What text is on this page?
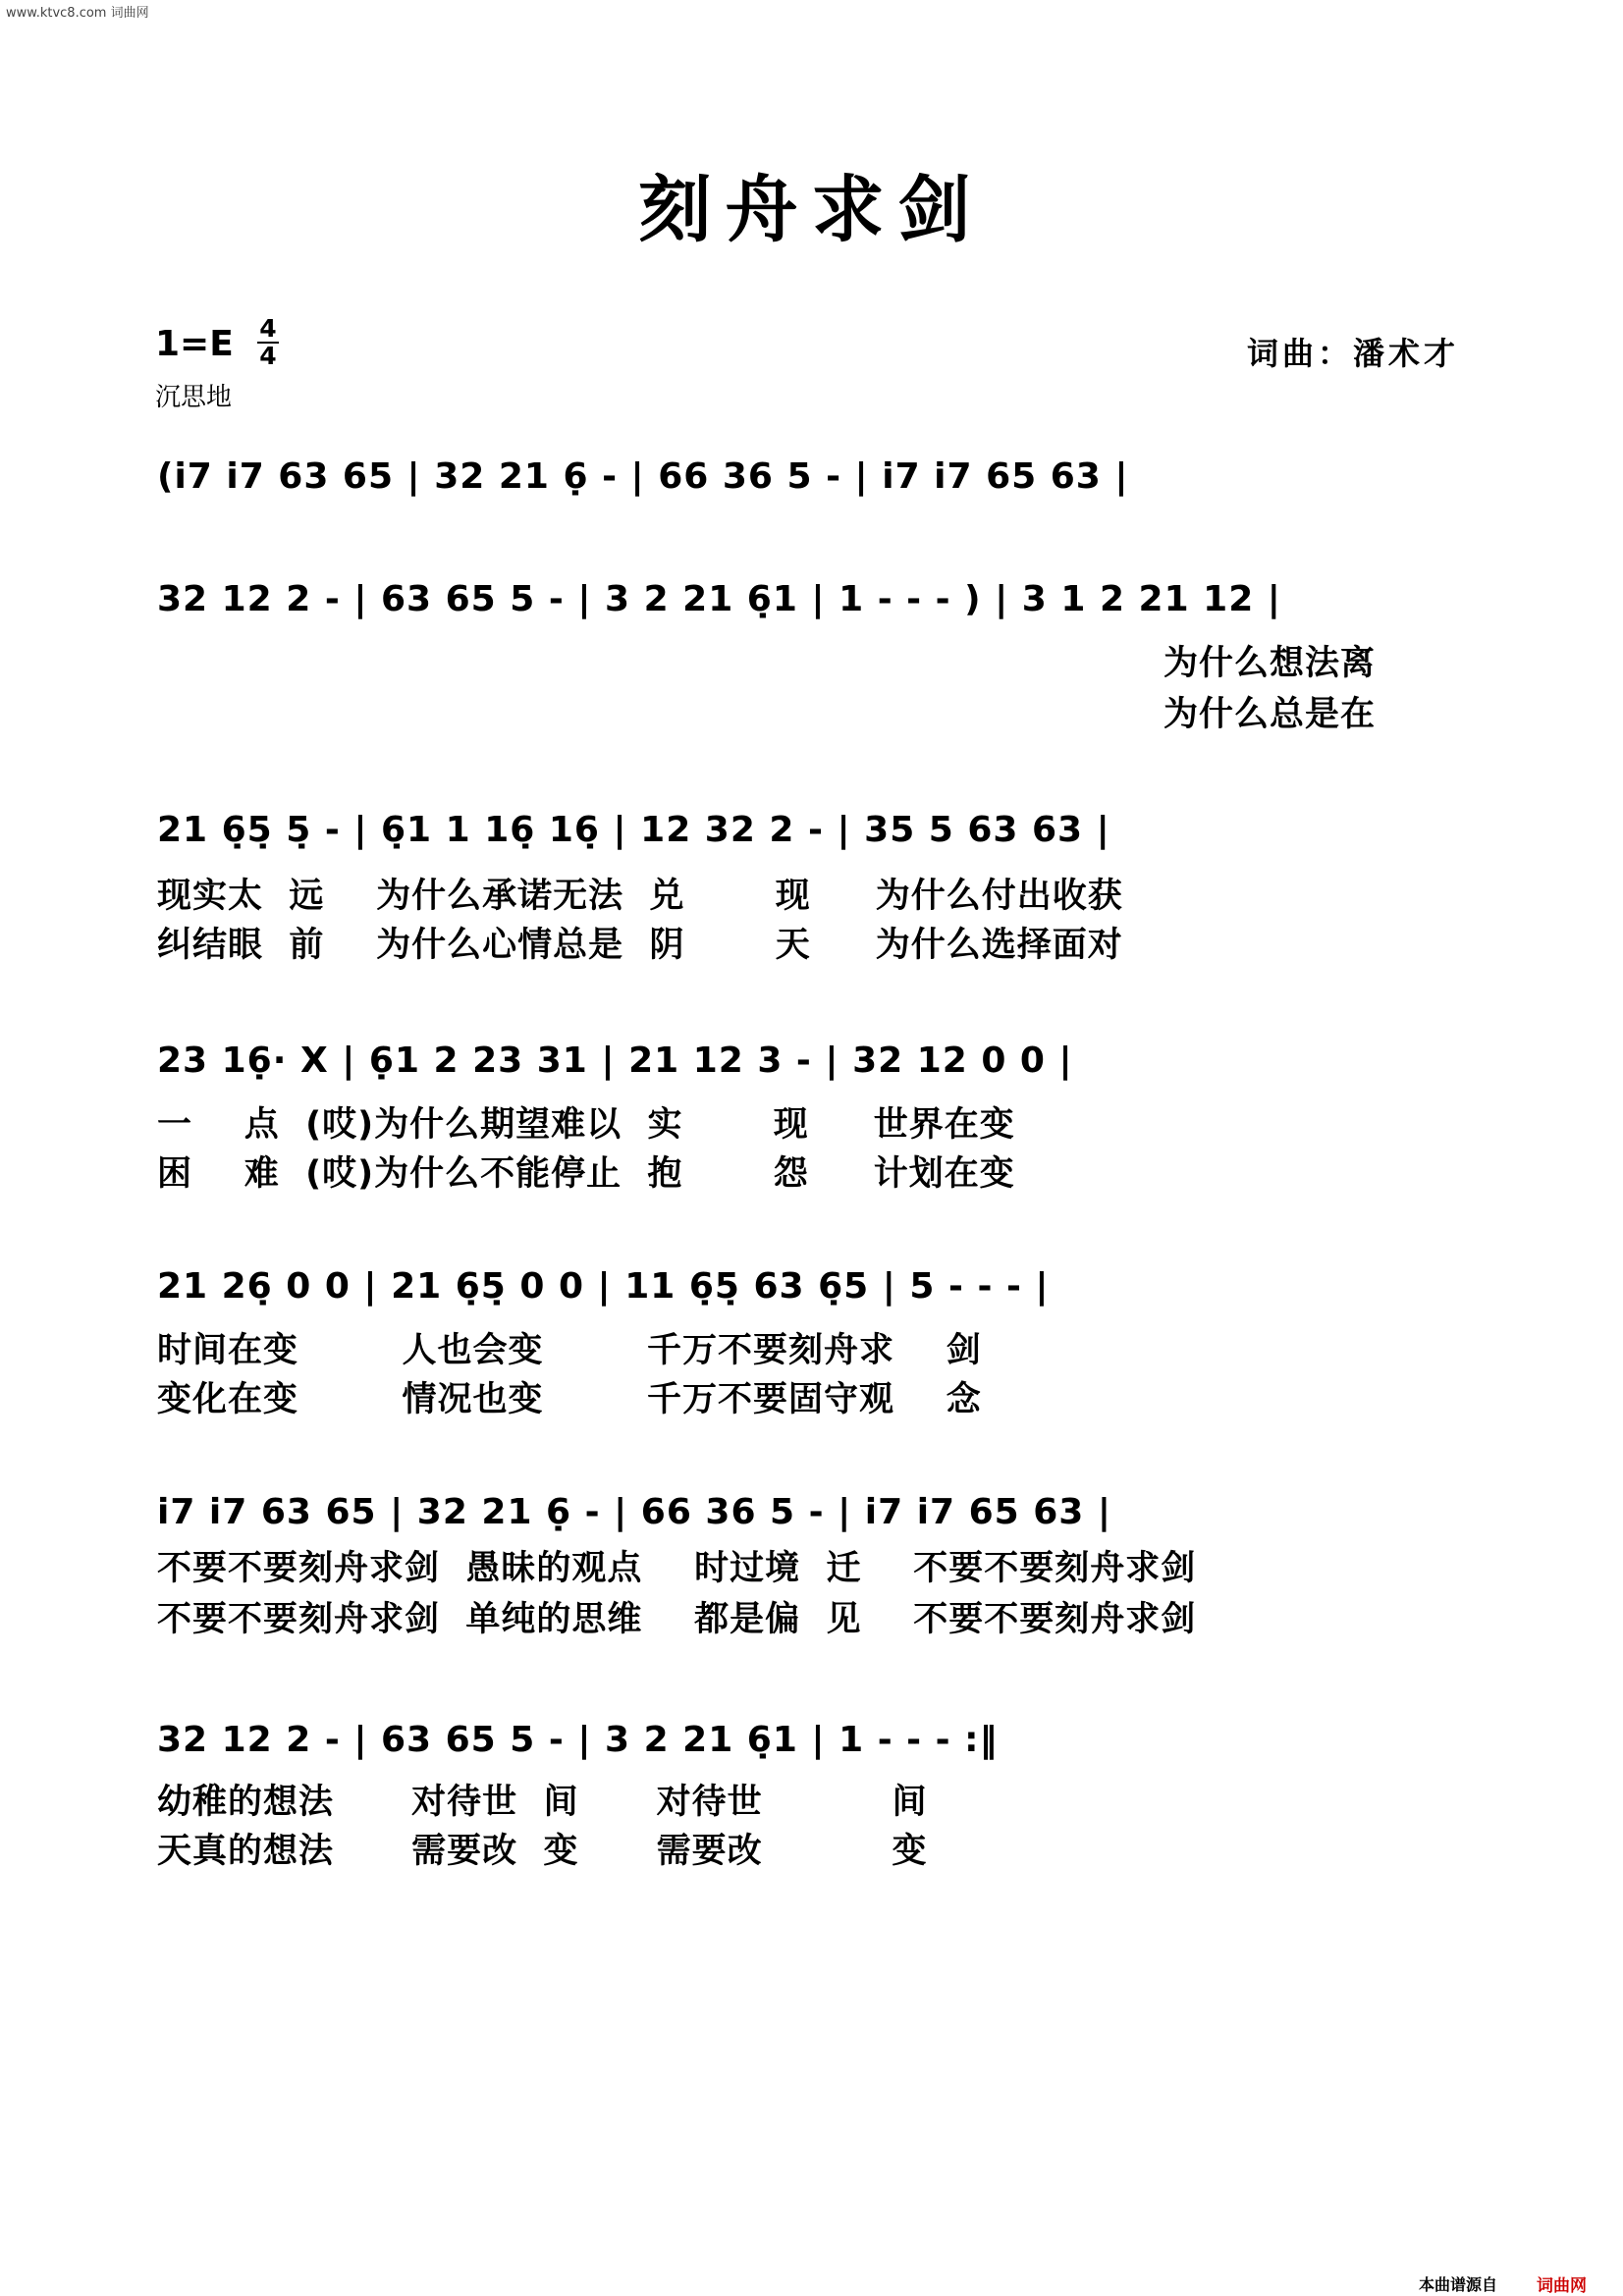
www.ktvc8.com 词曲网
刻舟求剑
1=E 4
4
沉思地
词曲：潘术才
(i̇7 i̇7 63 65 | 32 21 6̣ - | 66 36 5 - | i̇7 i̇7 65 63 |
32 12 2 - | 63 65 5 - | 3 2 21 6̣1 | 1 - - - ) | 3 1 2 21 12 |
为什么想法离
为什么总是在
21 6̣5̣ 5̣ - | 6̣1 1 16̣ 16̣ | 12 32 2 - | 35 5 63 63 |
现实太  远    为什么承诺无法  兑       现     为什么付出收获
纠结眼  前    为什么心情总是  阴       天     为什么选择面对
23 16̣· X | 6̣1 2 23 31 | 21 12 3 - | 32 12 0 0 |
一    点  (哎)为什么期望难以  实       现     世界在变
困    难  (哎)为什么不能停止  抱       怨     计划在变
21 26̣ 0 0 | 21 6̣5̣ 0 0 | 11 6̣5̣ 63 6̣5 | 5 - - - |
时间在变        人也会变        千万不要刻舟求    剑
变化在变        情况也变        千万不要固守观    念
i̇7 i̇7 63 65 | 32 21 6̣ - | 66 36 5 - | i̇7 i̇7 65 63 |
不要不要刻舟求剑  愚昧的观点    时过境  迁    不要不要刻舟求剑
不要不要刻舟求剑  单纯的思维    都是偏  见    不要不要刻舟求剑
32 12 2 - | 63 65 5 - | 3 2 21 6̣1 | 1 - - - :‖
幼稚的想法      对待世  间      对待世          间
天真的想法      需要改  变      需要改          变
本曲谱源自 词曲网
